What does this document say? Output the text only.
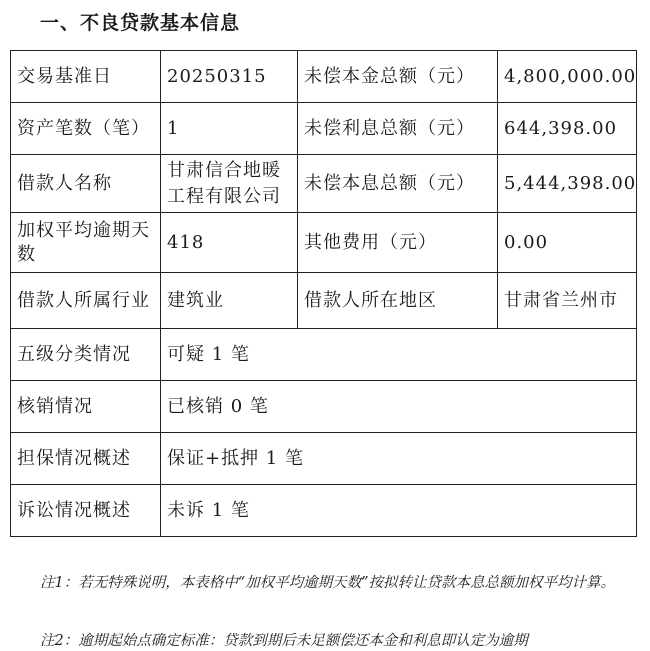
一、不良贷款基本信息
交易基准日	20250315	未偿本金总额（元）	4,800,000.00
资产笔数（笔）	1	未偿利息总额（元）	644,398.00
借款人名称	甘肃信合地暖工程有限公司	未偿本息总额（元）	5,444,398.00
加权平均逾期天数	418	其他费用（元）	0.00
借款人所属行业	建筑业	借款人所在地区	甘肃省兰州市
五级分类情况	可疑 1 笔		
核销情况	已核销 0 笔		
担保情况概述	保证+抵押 1 笔		
诉讼情况概述	未诉 1 笔		
注1：若无特殊说明，本表格中“加权平均逾期天数”按拟转让贷款本息总额加权平均计算。
注2：逾期起始点确定标准：贷款到期后未足额偿还本金和利息即认定为逾期
